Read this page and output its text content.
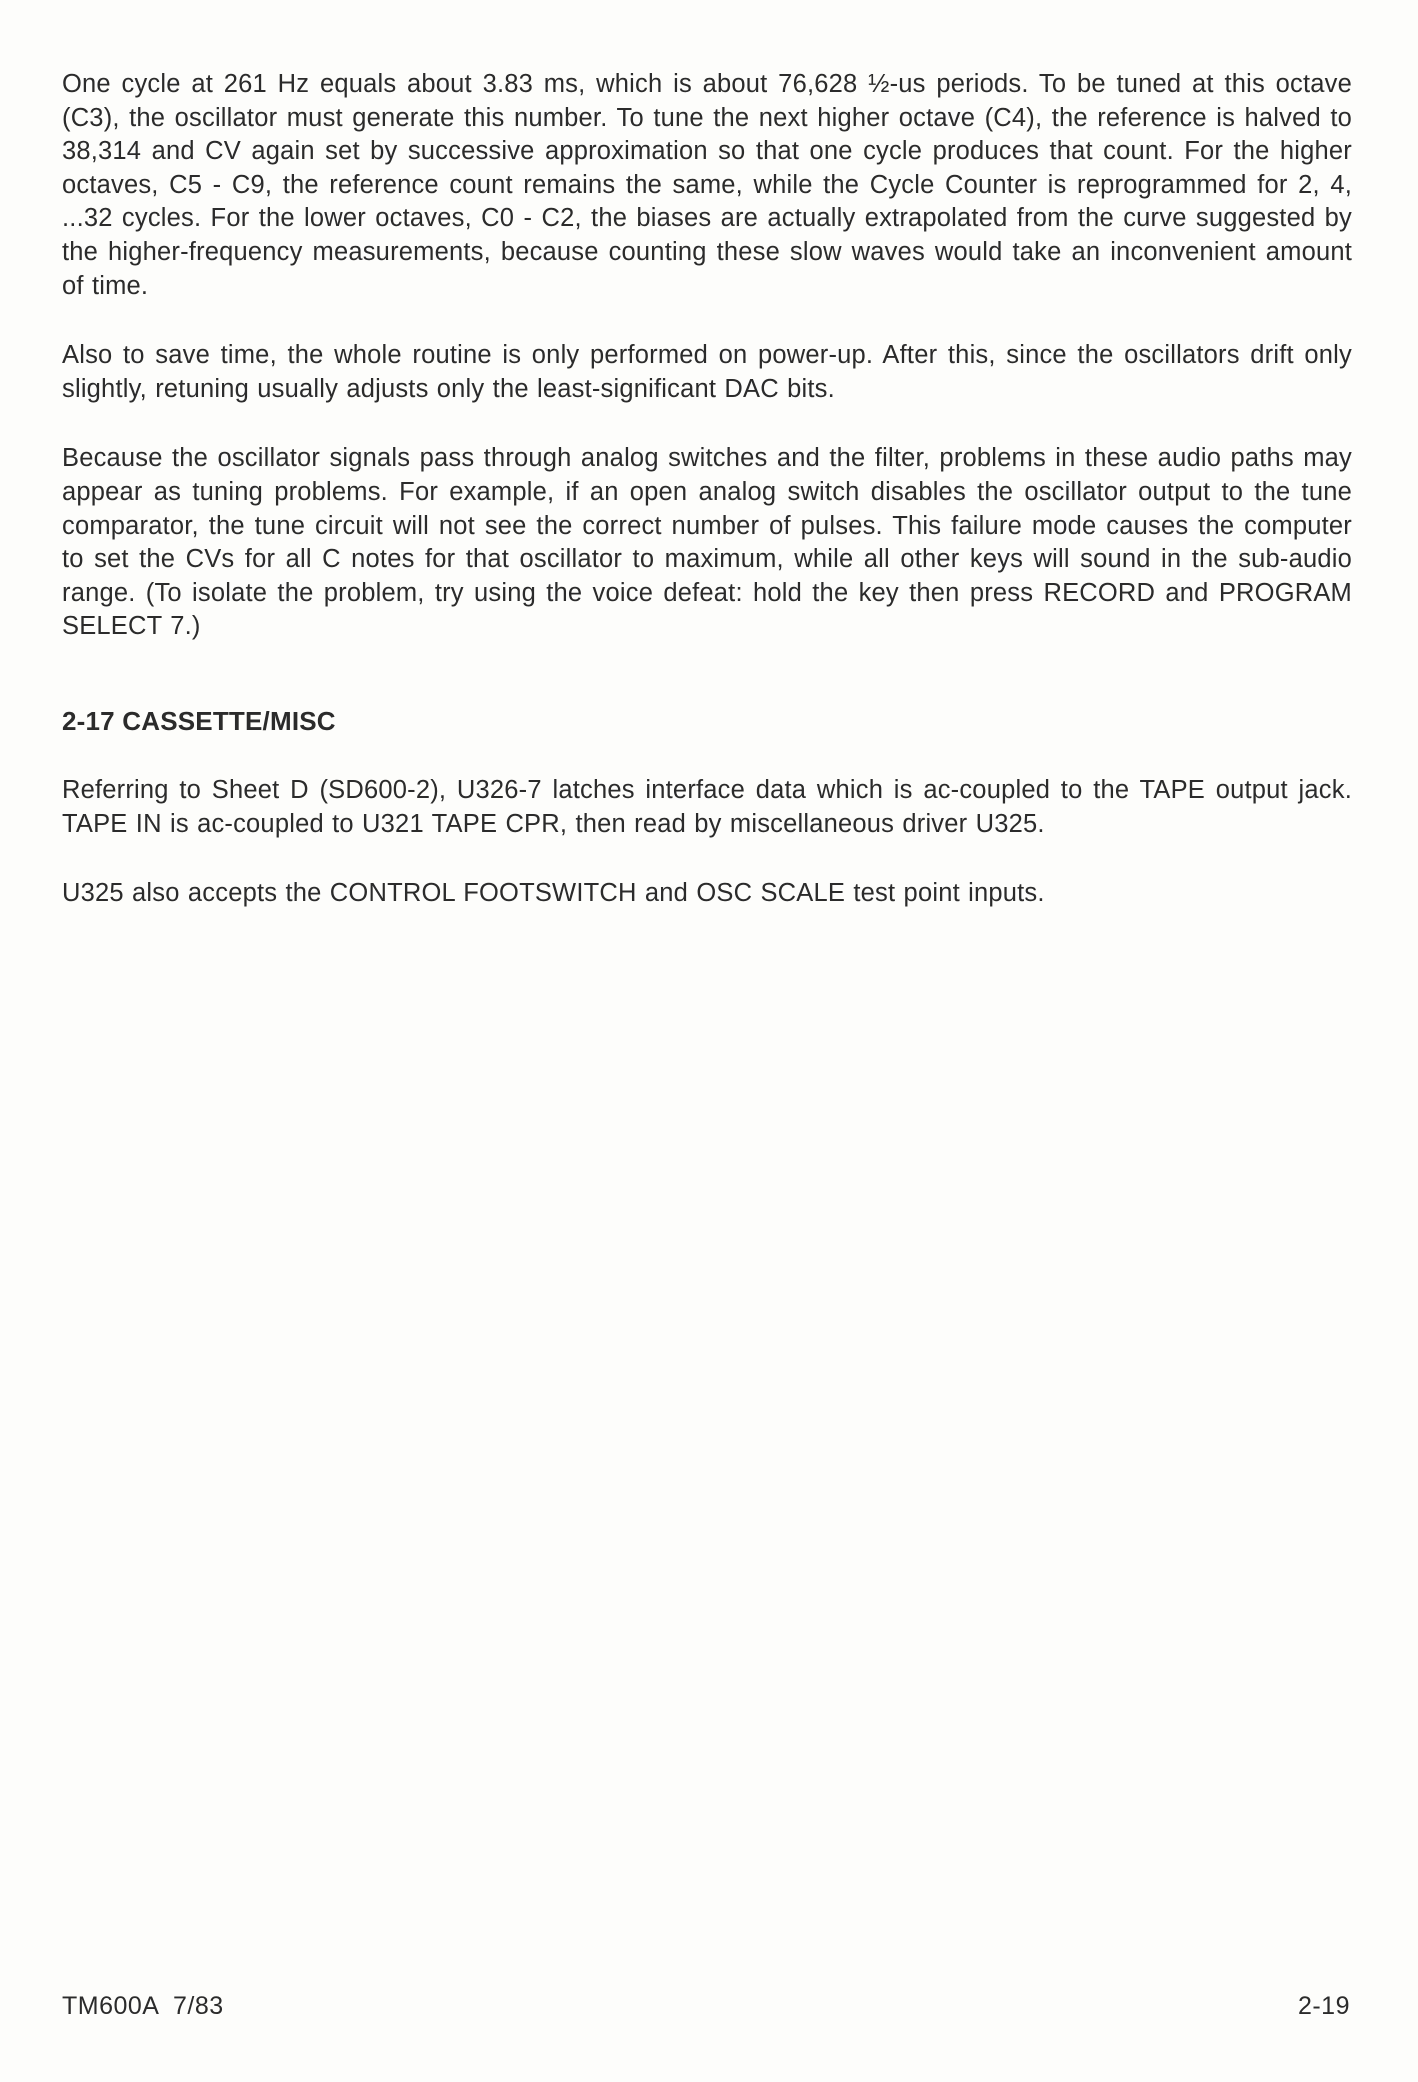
One cycle at 261 Hz equals about 3.83 ms, which is about 76,628 ½-us periods. To be tuned at this octave (C3), the oscillator must generate this number. To tune the next higher octave (C4), the reference is halved to 38,314 and CV again set by successive approximation so that one cycle produces that count. For the higher octaves, C5 - C9, the reference count remains the same, while the Cycle Counter is reprogrammed for 2, 4, ...32 cycles. For the lower octaves, C0 - C2, the biases are actually extrapolated from the curve suggested by the higher-frequency measurements, because counting these slow waves would take an inconvenient amount of time.

Also to save time, the whole routine is only performed on power-up. After this, since the oscillators drift only slightly, retuning usually adjusts only the least-significant DAC bits.

Because the oscillator signals pass through analog switches and the filter, problems in these audio paths may appear as tuning problems. For example, if an open analog switch disables the oscillator output to the tune comparator, the tune circuit will not see the correct number of pulses. This failure mode causes the computer to set the CVs for all C notes for that oscillator to maximum, while all other keys will sound in the sub-audio range. (To isolate the problem, try using the voice defeat: hold the key then press RECORD and PROGRAM SELECT 7.)

2-17 CASSETTE/MISC

Referring to Sheet D (SD600-2), U326-7 latches interface data which is ac-coupled to the TAPE output jack. TAPE IN is ac-coupled to U321 TAPE CPR, then read by miscellaneous driver U325.

U325 also accepts the CONTROL FOOTSWITCH and OSC SCALE test point inputs.

TM600A  7/83	2-19
